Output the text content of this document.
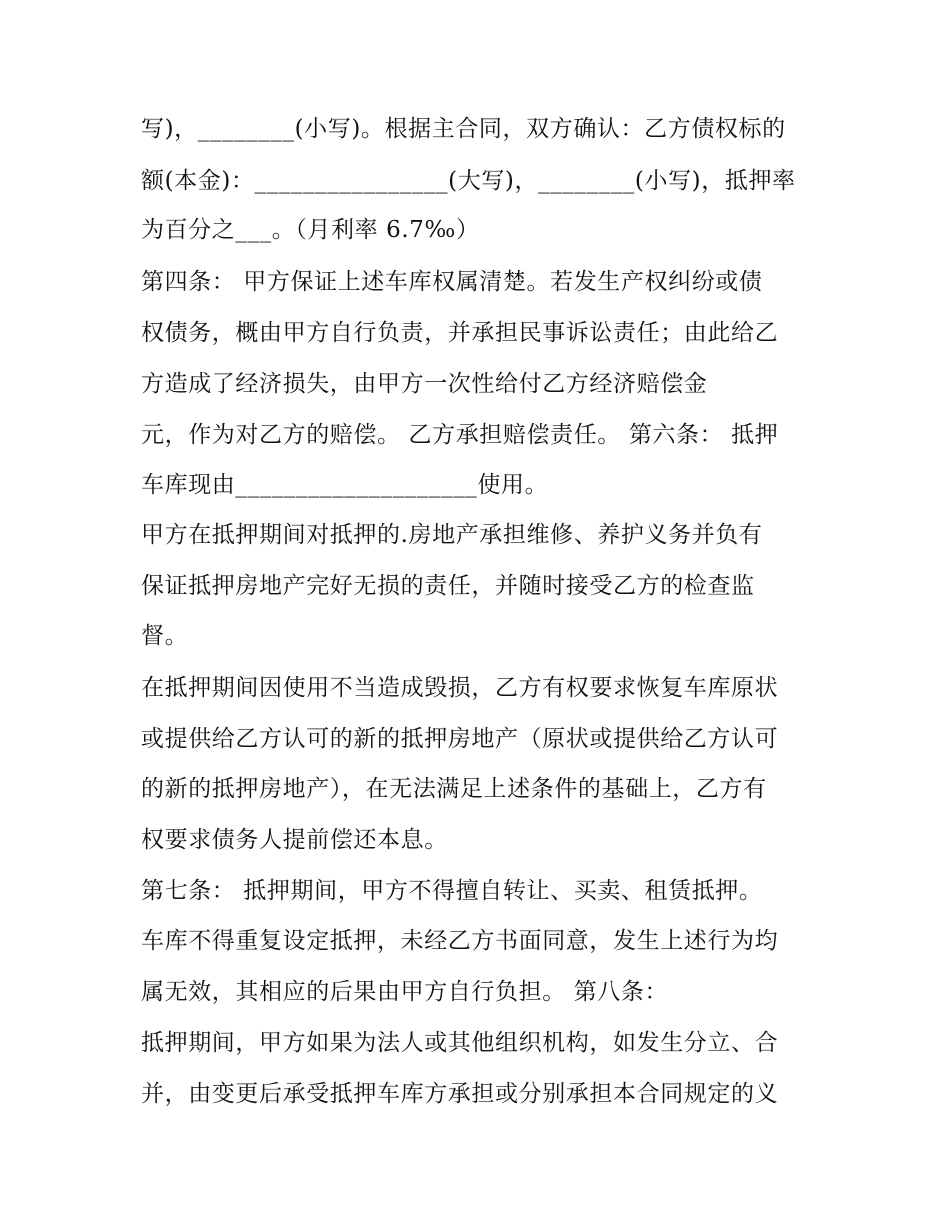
写)，________(小写)。根据主合同，双方确认：乙方债权标的
额(本金)：________________(大写)，________(小写)，抵押率
为百分之___。（月利率 6.7‰）
第四条： 甲方保证上述车库权属清楚。若发生产权纠纷或债
权债务，概由甲方自行负责，并承担民事诉讼责任；由此给乙
方造成了经济损失，由甲方一次性给付乙方经济赔偿金
元，作为对乙方的赔偿。 乙方承担赔偿责任。 第六条： 抵押
车库现由____________________使用。
甲方在抵押期间对抵押的.房地产承担维修、养护义务并负有
保证抵押房地产完好无损的责任，并随时接受乙方的检查监
督。
在抵押期间因使用不当造成毁损，乙方有权要求恢复车库原状
或提供给乙方认可的新的抵押房地产（原状或提供给乙方认可
的新的抵押房地产），在无法满足上述条件的基础上，乙方有
权要求债务人提前偿还本息。
第七条： 抵押期间，甲方不得擅自转让、买卖、租赁抵押。
车库不得重复设定抵押，未经乙方书面同意，发生上述行为均
属无效，其相应的后果由甲方自行负担。 第八条：
抵押期间，甲方如果为法人或其他组织机构，如发生分立、合
并，由变更后承受抵押车库方承担或分别承担本合同规定的义
